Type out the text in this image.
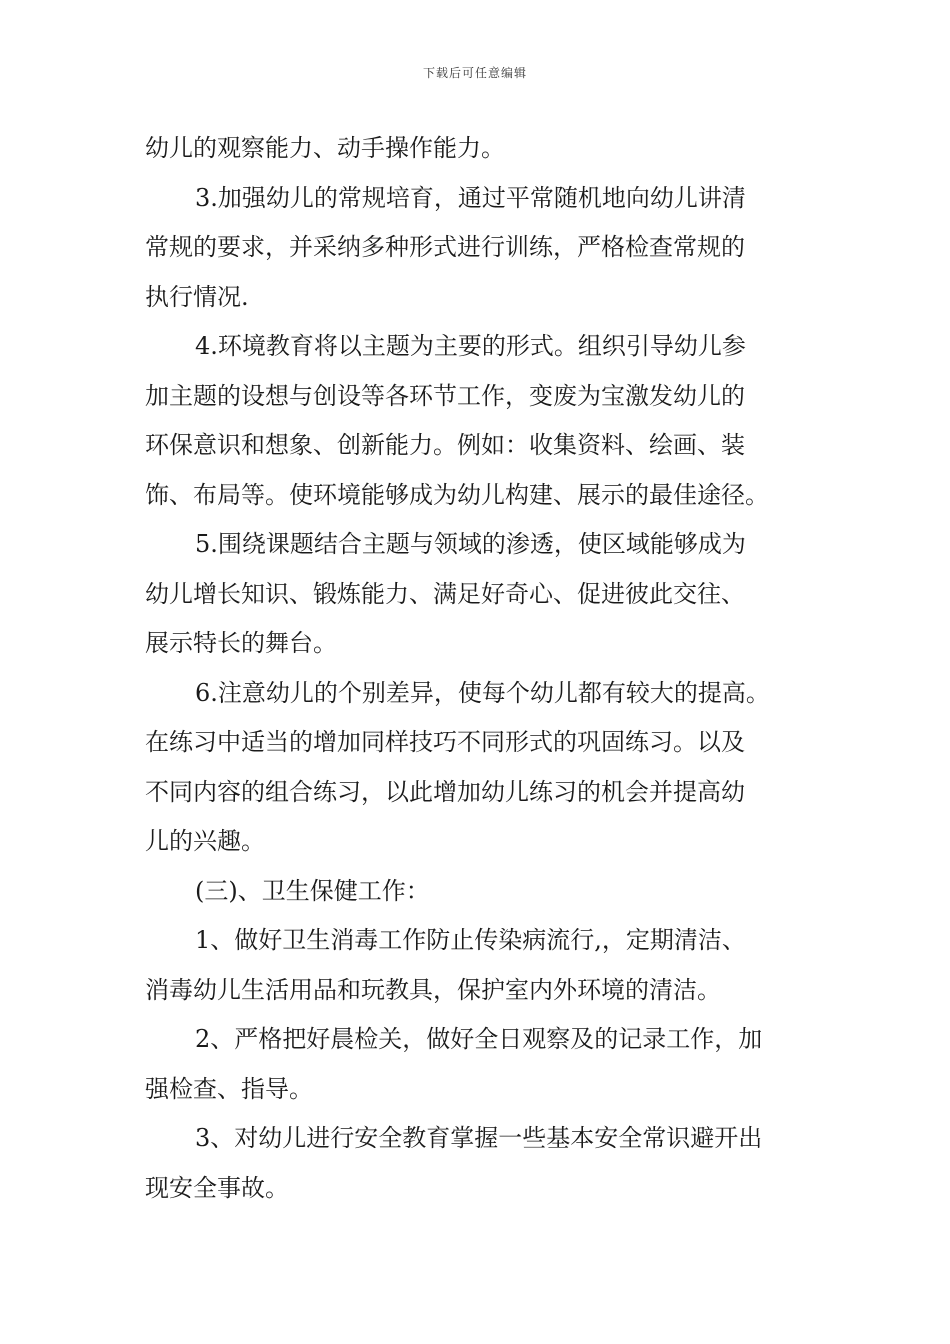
下载后可任意编辑
幼儿的观察能力、动手操作能力。
3.加强幼儿的常规培育，通过平常随机地向幼儿讲清
常规的要求，并采纳多种形式进行训练，严格检查常规的
执行情况.
4.环境教育将以主题为主要的形式。组织引导幼儿参
加主题的设想与创设等各环节工作，变废为宝激发幼儿的
环保意识和想象、创新能力。例如：收集资料、绘画、装
饰、布局等。使环境能够成为幼儿构建、展示的最佳途径。
5.围绕课题结合主题与领域的渗透，使区域能够成为
幼儿增长知识、锻炼能力、满足好奇心、促进彼此交往、
展示特长的舞台。
6.注意幼儿的个别差异，使每个幼儿都有较大的提高。
在练习中适当的增加同样技巧不同形式的巩固练习。以及
不同内容的组合练习，以此增加幼儿练习的机会并提高幼
儿的兴趣。
(三)、卫生保健工作：
1、做好卫生消毒工作防止传染病流行,，定期清洁、
消毒幼儿生活用品和玩教具，保护室内外环境的清洁。
2、严格把好晨检关，做好全日观察及的记录工作，加
强检查、指导。
3、对幼儿进行安全教育掌握一些基本安全常识避开出
现安全事故。
